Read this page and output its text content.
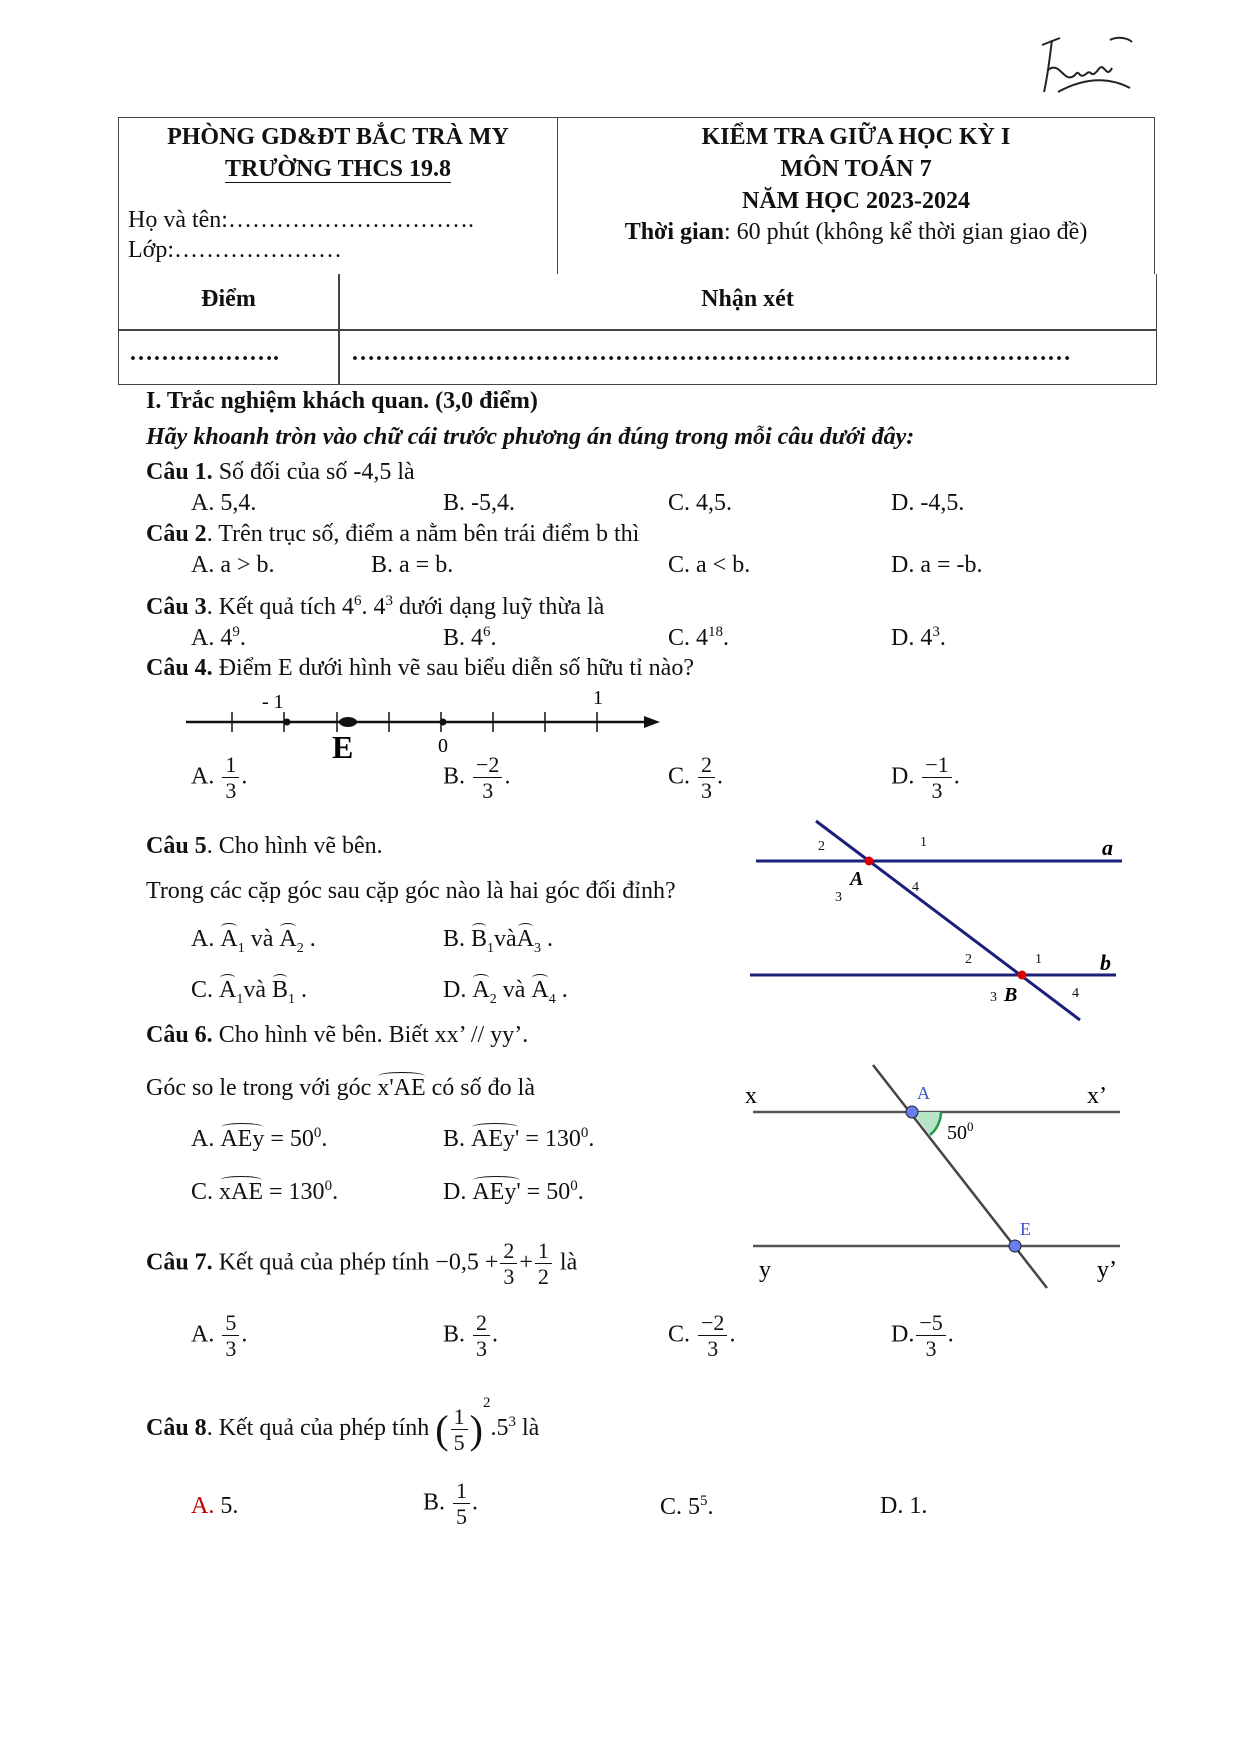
PHÒNG GD&ĐT BẮC TRÀ MY
TRƯỜNG THCS 19.8
Họ và tên:………………………….
Lớp:…………………

KIỂM TRA GIỮA HỌC KỲ I
MÔN TOÁN 7
NĂM HỌC 2023-2024
Thời gian: 60 phút (không kể thời gian giao đề)

Điểm	Nhận xét
……………….	………………………………………………………………………………
I. Trắc nghiệm khách quan. (3,0 điểm)
Hãy khoanh tròn vào chữ cái trước phương án đúng trong mỗi câu dưới đây:
Câu 1. Số đối của số -4,5 là
A. 5,4.	B. -5,4.	C. 4,5.	D. -4,5.
Câu 2. Trên trục số, điểm a nằm bên trái điểm b thì
A. a > b.	B. a = b.	C. a < b.	D. a = -b.
Câu 3. Kết quả tích $4^6$. $4^3$ dưới dạng luỹ thừa là
A. $4^9$.	B. $4^6$.	C. $4^{18}$.	D. $4^3$.
Câu 4. Điểm E dưới hình vẽ sau biểu diễn số hữu tỉ nào?
- 1	1
0
E
A. $\frac{1}{3}$ .	B. $\frac{-2}{3}$ .	C. $\frac{2}{3}$ .	D. $\frac{-1}{3}$ .
Câu 5. Cho hình vẽ bên.
Trong các cặp góc sau cặp góc nào là hai góc đối đỉnh?
A. $A_1$ và $A_2$ .	B. $B_1vàA_3$ .
C. $A_1và$ $B_1$ .	D. $A_2$ và $A_4$ .
2	1
3
4
2	1
3	4
a
b
A
B
Câu 6. Cho hình vẽ bên. Biết xx’ // yy’.
Góc so le trong với góc x'AE có số đo là
A. AEy = $50^0$.	B. $AEy' = 130^0$.
C. xAE = $130^0$.	D. $AEy' = 50^0$.
x	x’
y	y’
A
E
$50^0$
Câu 7. Kết quả của phép tính $-0,5 + \frac{2}{3} + \frac{1}{2}$ là
A. $\frac{5}{3}$ .	B. $\frac{2}{3}$ .	C. $\frac{-2}{3}$ .	D. $\frac{-5}{3}$ .
Câu 8. Kết quả của phép tính ( $\frac{1}{5} )^2.5^3$ là
A. 5.	B. $\frac{1}{5}$ .	C. $5^5$.	D. 1.
